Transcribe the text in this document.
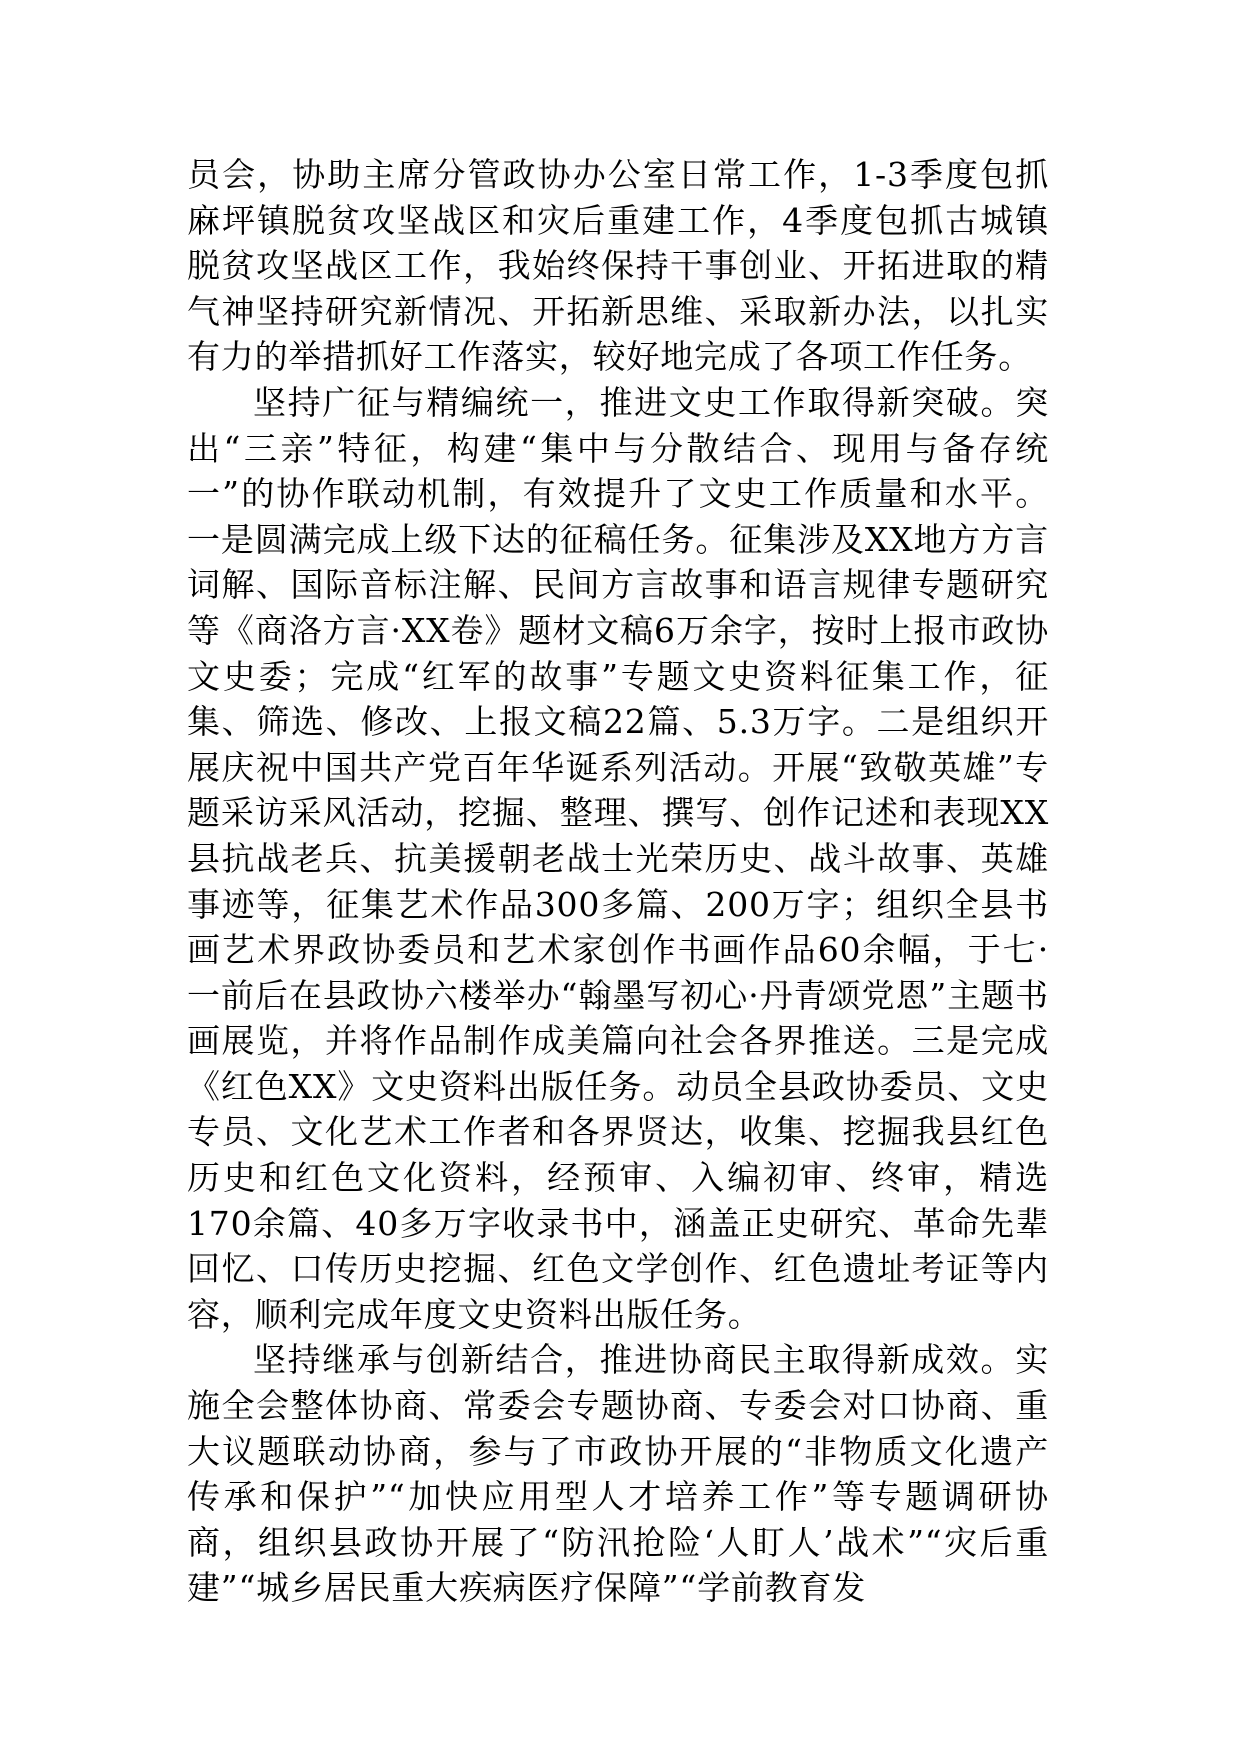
员会，协助主席分管政协办公室日常工作，1-3季度包抓麻坪镇脱贫攻坚战区和灾后重建工作，4季度包抓古城镇脱贫攻坚战区工作，我始终保持干事创业、开拓进取的精气神坚持研究新情况、开拓新思维、采取新办法，以扎实有力的举措抓好工作落实，较好地完成了各项工作任务。

坚持广征与精编统一，推进文史工作取得新突破。突出“三亲”特征，构建“集中与分散结合、现用与备存统一”的协作联动机制，有效提升了文史工作质量和水平。一是圆满完成上级下达的征稿任务。征集涉及XX地方方言词解、国际音标注解、民间方言故事和语言规律专题研究等《商洛方言·XX卷》题材文稿6万余字，按时上报市政协文史委；完成“红军的故事”专题文史资料征集工作，征集、筛选、修改、上报文稿22篇、5.3万字。二是组织开展庆祝中国共产党百年华诞系列活动。开展“致敬英雄”专题采访采风活动，挖掘、整理、撰写、创作记述和表现XX县抗战老兵、抗美援朝老战士光荣历史、战斗故事、英雄事迹等，征集艺术作品300多篇、200万字；组织全县书画艺术界政协委员和艺术家创作书画作品60余幅，于七·一前后在县政协六楼举办“翰墨写初心·丹青颂党恩”主题书画展览，并将作品制作成美篇向社会各界推送。三是完成《红色XX》文史资料出版任务。动员全县政协委员、文史专员、文化艺术工作者和各界贤达，收集、挖掘我县红色历史和红色文化资料，经预审、入编初审、终审，精选170余篇、40多万字收录书中，涵盖正史研究、革命先辈回忆、口传历史挖掘、红色文学创作、红色遗址考证等内容，顺利完成年度文史资料出版任务。

坚持继承与创新结合，推进协商民主取得新成效。实施全会整体协商、常委会专题协商、专委会对口协商、重大议题联动协商，参与了市政协开展的“非物质文化遗产传承和保护”“加快应用型人才培养工作”等专题调研协商，组织县政协开展了“防汛抢险‘人盯人’战术”“灾后重建”“城乡居民重大疾病医疗保障”“学前教育发
